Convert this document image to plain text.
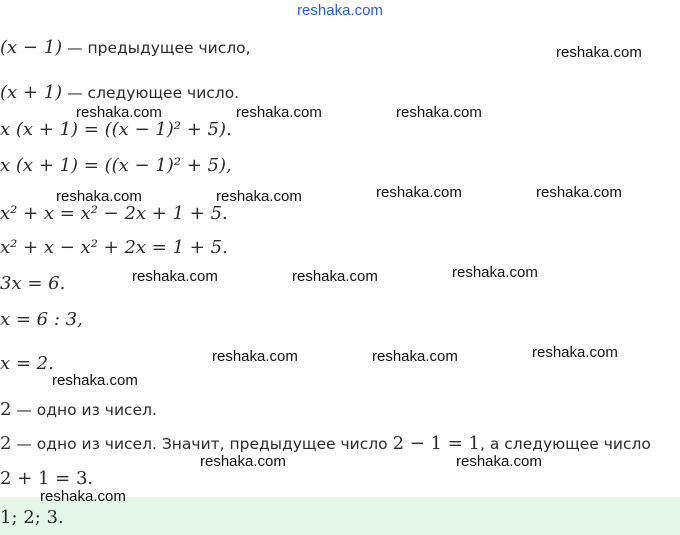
reshaka.com
(x − 1) — предыдущее число,
(x + 1) — следующее число.
x (x + 1) = ((x − 1)² + 5).
x (x + 1) = ((x − 1)² + 5),
x² + x = x² − 2x + 1 + 5.
x² + x − x² + 2x = 1 + 5.
3x = 6.
x = 6 : 3,
x = 2.
2 — одно из чисел.
2 — одно из чисел. Значит, предыдущее число 2 − 1 = 1, а следующее число
2 + 1 = 3.
1; 2; 3.
reshaka.com
reshaka.com	reshaka.com	reshaka.com
reshaka.com	reshaka.com	reshaka.com	reshaka.com
reshaka.com	reshaka.com	reshaka.com
reshaka.com	reshaka.com	reshaka.com
reshaka.com
reshaka.com	reshaka.com
reshaka.com
